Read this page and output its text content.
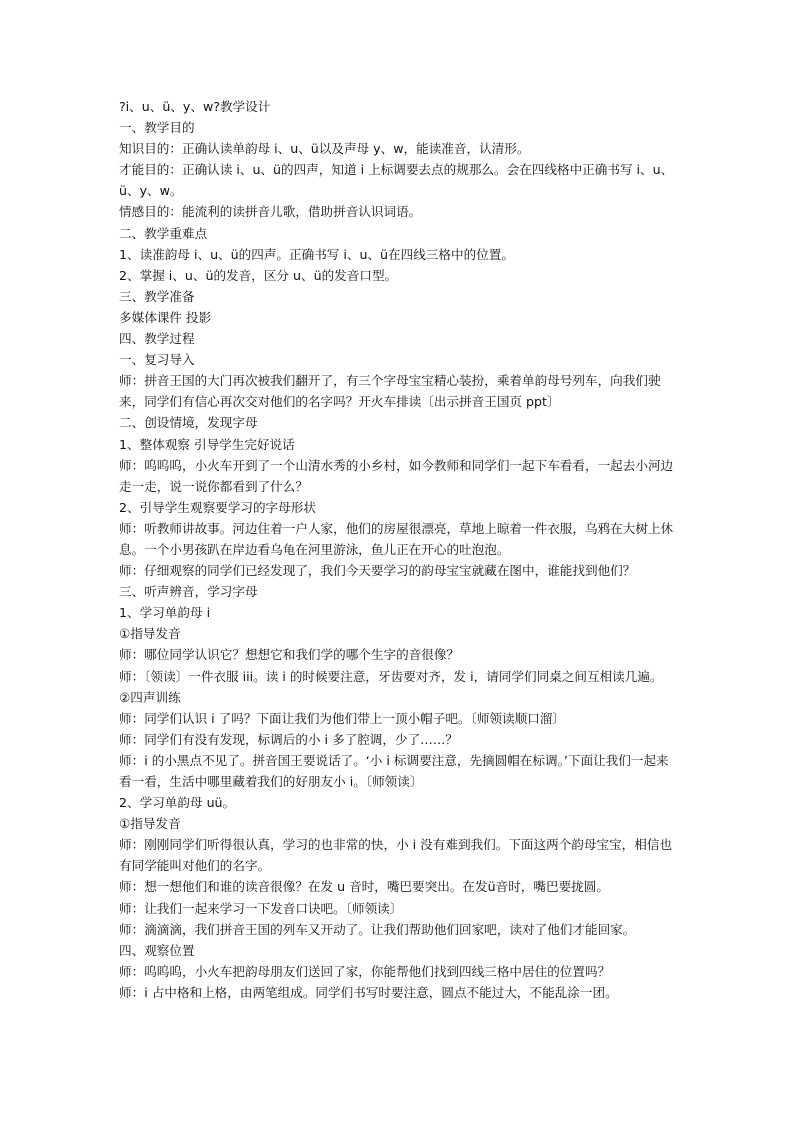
?i、u、ü、y、w?教学设计
一、教学目的
知识目的：正确认读单韵母 i、u、ü以及声母 y、w，能读准音，认清形。
才能目的：正确认读 i、u、ü的四声，知道 i 上标调要去点的规那么。会在四线格中正确书写 i、u、ü、y、w。
情感目的：能流利的读拼音儿歌，借助拼音认识词语。
二、教学重难点
1、读准韵母 i、u、ü的四声。正确书写 i、u、ü在四线三格中的位置。
2、掌握 i、u、ü的发音，区分 u、ü的发音口型。
三、教学准备
多媒体课件 投影
四、教学过程
一、复习导入
师：拼音王国的大门再次被我们翻开了，有三个字母宝宝精心装扮，乘着单韵母号列车，向我们驶来，同学们有信心再次交对他们的名字吗？开火车排读〔出示拼音王国页 ppt〕
二、创设情境，发现字母
1、整体观察 引导学生完好说话
师：呜呜呜，小火车开到了一个山清水秀的小乡村，如今教师和同学们一起下车看看，一起去小河边走一走，说一说你都看到了什么？
2、引导学生观察要学习的字母形状
师：听教师讲故事。河边住着一户人家，他们的房屋很漂亮，草地上晾着一件衣服，乌鸦在大树上休息。一个小男孩趴在岸边看乌龟在河里游泳，鱼儿正在开心的吐泡泡。
师：仔细观察的同学们已经发现了，我们今天要学习的韵母宝宝就藏在图中，谁能找到他们？
三、听声辨音，学习字母
1、学习单韵母 i
①指导发音
师：哪位同学认识它？想想它和我们学的哪个生字的音很像？
师：〔领读〕一件衣服 iii。读 i 的时候要注意，牙齿要对齐，发 i，请同学们同桌之间互相读几遍。
②四声训练
师：同学们认识 i 了吗？下面让我们为他们带上一顶小帽子吧。〔师领读顺口溜〕
师：同学们有没有发现，标调后的小 i 多了腔调，少了……？
师：i 的小黑点不见了。拼音国王要说话了。‘小 i 标调要注意，先摘圆帽在标调。’下面让我们一起来看一看，生活中哪里藏着我们的好朋友小 i。〔师领读〕
2、学习单韵母 uü。
①指导发音
师：刚刚同学们听得很认真，学习的也非常的快，小 i 没有难到我们。下面这两个韵母宝宝，相信也有同学能叫对他们的名字。
师：想一想他们和谁的读音很像？在发 u 音时，嘴巴要突出。在发ü音时，嘴巴要拢圆。
师：让我们一起来学习一下发音口诀吧。〔师领读〕
师：滴滴滴，我们拼音王国的列车又开动了。让我们帮助他们回家吧，读对了他们才能回家。
四、观察位置
师：呜呜呜，小火车把韵母朋友们送回了家，你能帮他们找到四线三格中居住的位置吗？
师：i 占中格和上格，由两笔组成。同学们书写时要注意，圆点不能过大，不能乱涂一团。
